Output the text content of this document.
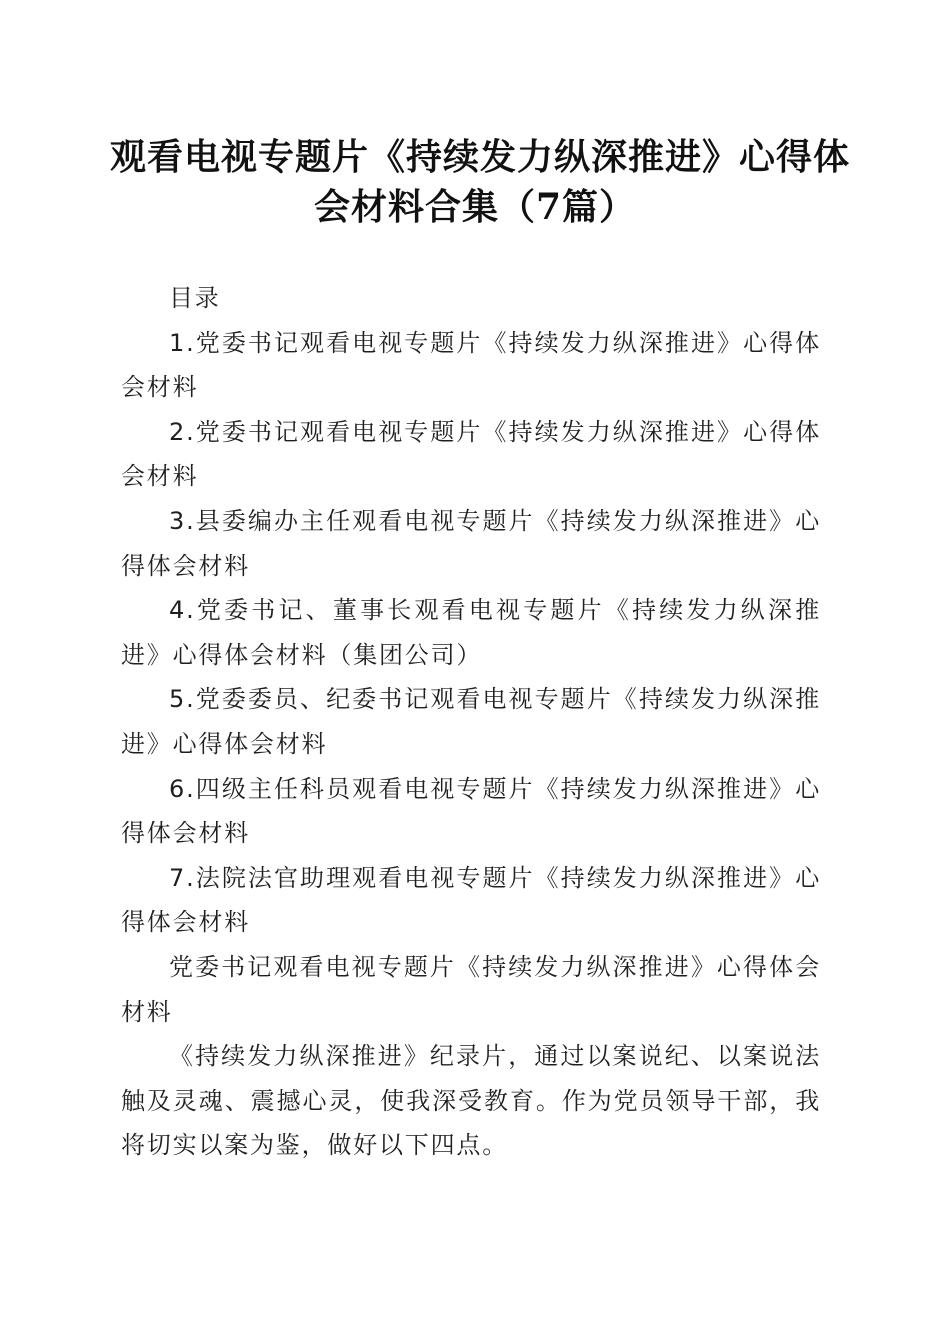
观看电视专题片《持续发力纵深推进》心得体
会材料合集（7篇）

目录

1.党委书记观看电视专题片《持续发力纵深推进》心得体会材料
2.党委书记观看电视专题片《持续发力纵深推进》心得体会材料
3.县委编办主任观看电视专题片《持续发力纵深推进》心得体会材料
4.党委书记、董事长观看电视专题片《持续发力纵深推进》心得体会材料（集团公司）
5.党委委员、纪委书记观看电视专题片《持续发力纵深推进》心得体会材料
6.四级主任科员观看电视专题片《持续发力纵深推进》心得体会材料
7.法院法官助理观看电视专题片《持续发力纵深推进》心得体会材料

党委书记观看电视专题片《持续发力纵深推进》心得体会材料

《持续发力纵深推进》纪录片，通过以案说纪、以案说法触及灵魂、震撼心灵，使我深受教育。作为党员领导干部，我将切实以案为鉴，做好以下四点。
